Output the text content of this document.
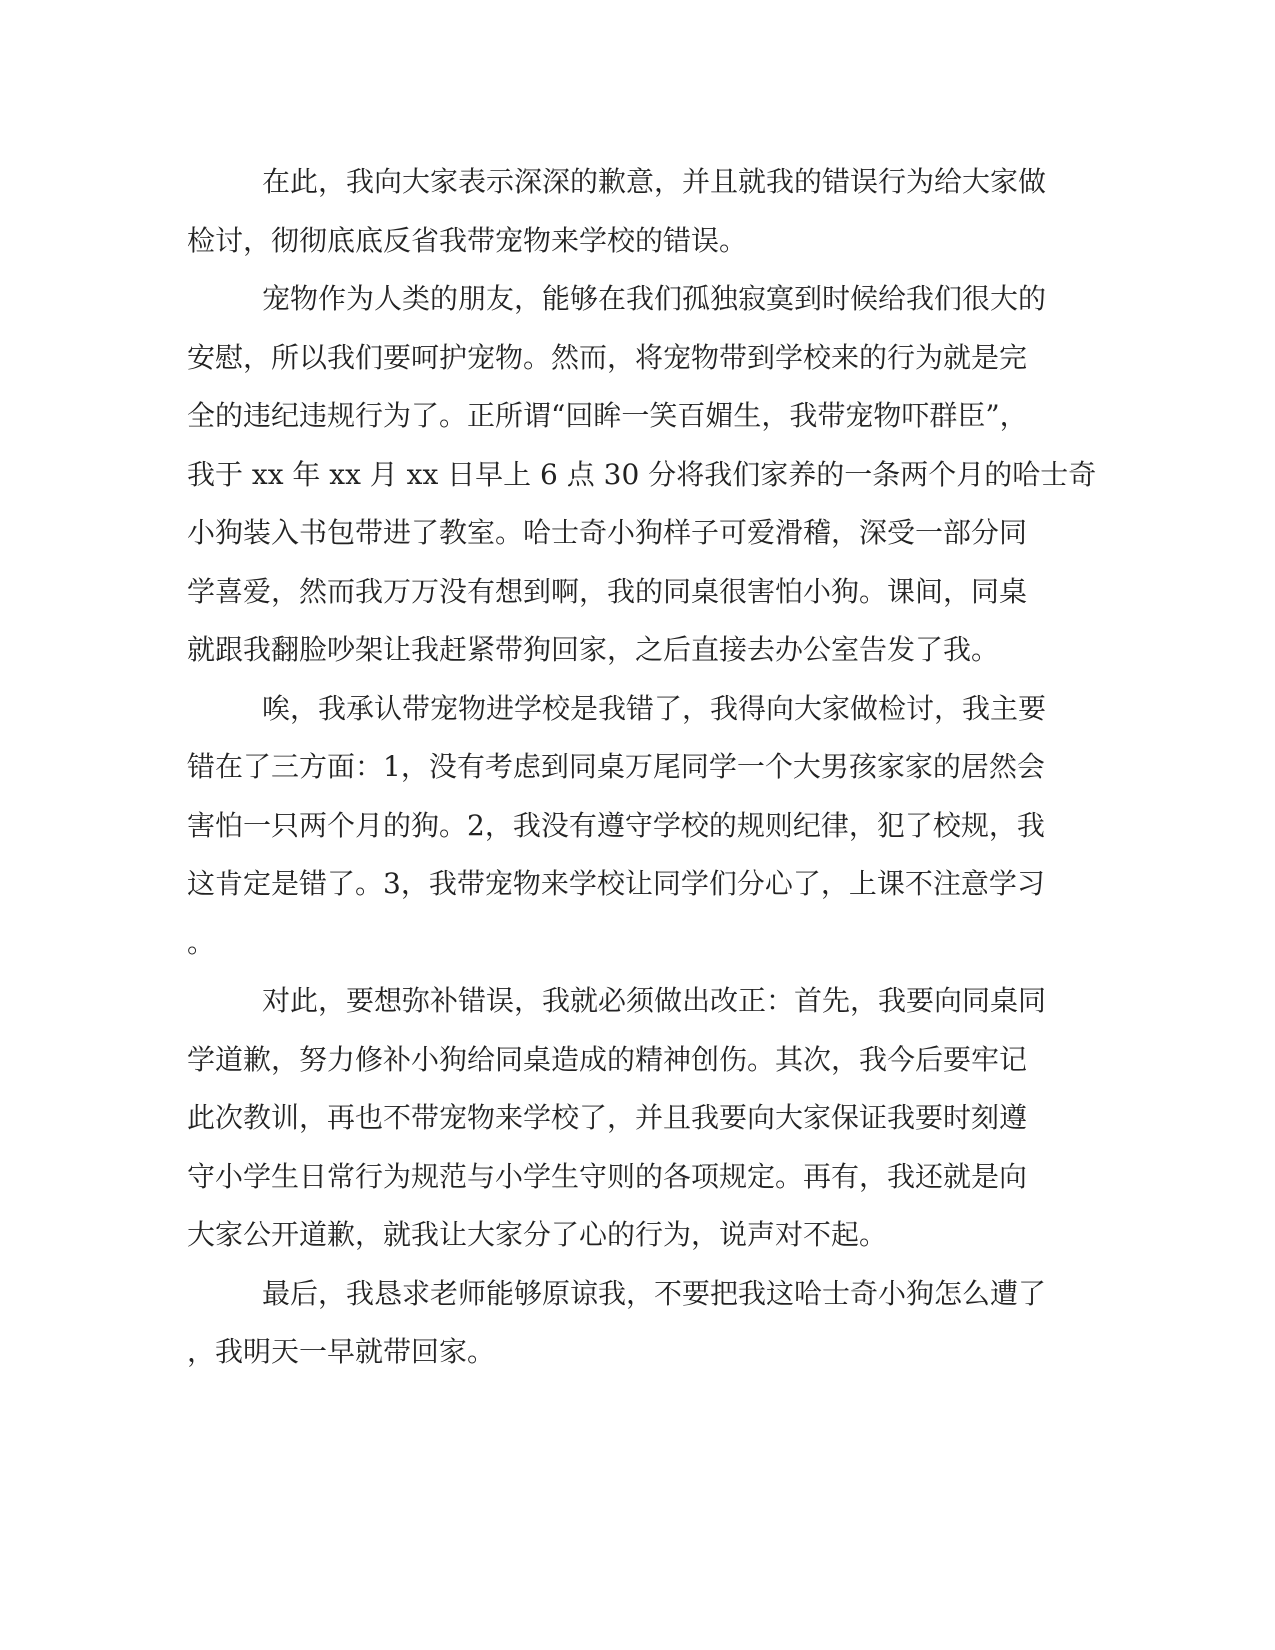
在此，我向大家表示深深的歉意，并且就我的错误行为给大家做

检讨，彻彻底底反省我带宠物来学校的错误。

宠物作为人类的朋友，能够在我们孤独寂寞到时候给我们很大的

安慰，所以我们要呵护宠物。然而，将宠物带到学校来的行为就是完

全的违纪违规行为了。正所谓“回眸一笑百媚生，我带宠物吓群臣”，

我于 xx 年 xx 月 xx 日早上 6 点 30 分将我们家养的一条两个月的哈士奇

小狗装入书包带进了教室。哈士奇小狗样子可爱滑稽，深受一部分同

学喜爱，然而我万万没有想到啊，我的同桌很害怕小狗。课间，同桌

就跟我翻脸吵架让我赶紧带狗回家，之后直接去办公室告发了我。

唉，我承认带宠物进学校是我错了，我得向大家做检讨，我主要

错在了三方面：1，没有考虑到同桌万尾同学一个大男孩家家的居然会

害怕一只两个月的狗。2，我没有遵守学校的规则纪律，犯了校规，我

这肯定是错了。3，我带宠物来学校让同学们分心了，上课不注意学习

。

对此，要想弥补错误，我就必须做出改正：首先，我要向同桌同

学道歉，努力修补小狗给同桌造成的精神创伤。其次，我今后要牢记

此次教训，再也不带宠物来学校了，并且我要向大家保证我要时刻遵

守小学生日常行为规范与小学生守则的各项规定。再有，我还就是向

大家公开道歉，就我让大家分了心的行为，说声对不起。

最后，我恳求老师能够原谅我，不要把我这哈士奇小狗怎么遭了

，我明天一早就带回家。
